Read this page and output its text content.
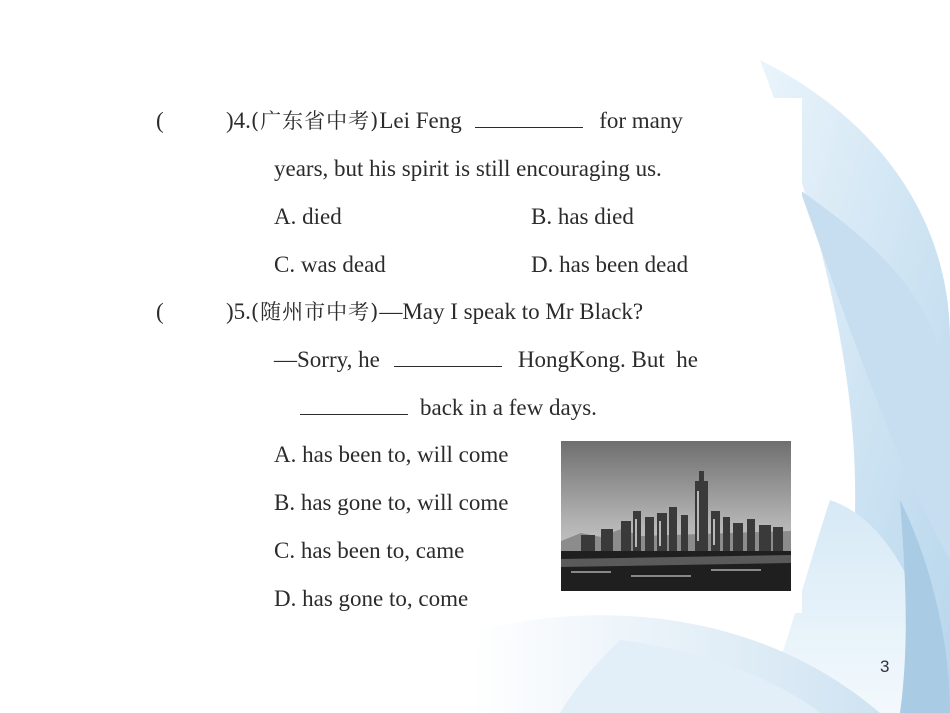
(	)4.(广东省中考)Lei Feng	for many
years, but his spirit is still encouraging us.
A. died	B. has died
C. was dead	D. has been dead
(	)5.(随州市中考)—May I speak to Mr Black?
—Sorry, he	HongKong. But  he
back in a few days.
A. has been to, will come
B. has gone to, will come
C. has been to, came
D. has gone to, come
3
